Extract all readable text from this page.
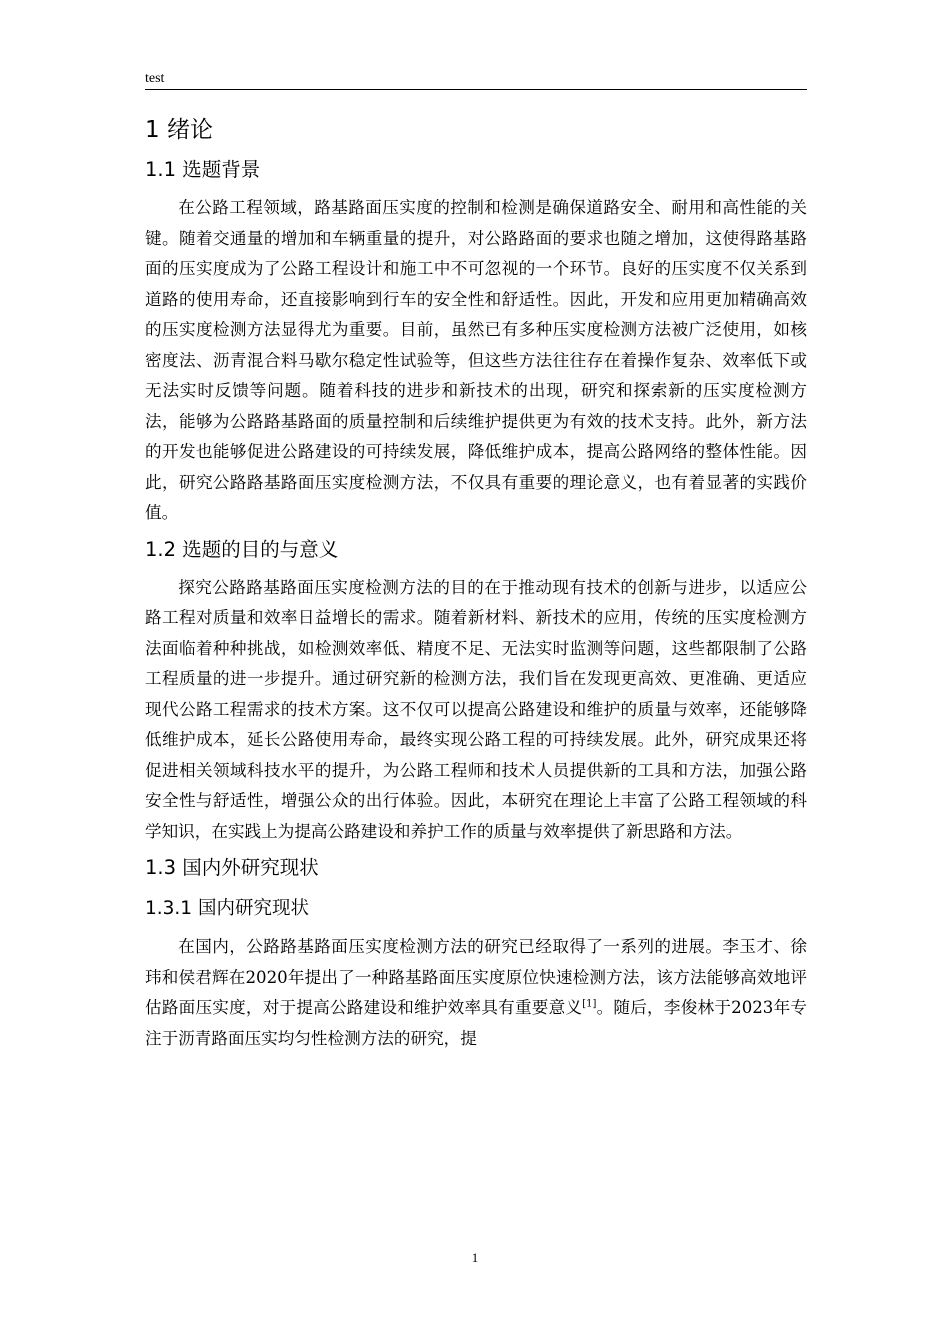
test
1 绪论
1.1 选题背景

在公路工程领域，路基路面压实度的控制和检测是确保道路安全、耐用和高性能的关键。随着交通量的增加和车辆重量的提升，对公路路面的要求也随之增加，这使得路基路面的压实度成为了公路工程设计和施工中不可忽视的一个环节。良好的压实度不仅关系到道路的使用寿命，还直接影响到行车的安全性和舒适性。因此，开发和应用更加精确高效的压实度检测方法显得尤为重要。目前，虽然已有多种压实度检测方法被广泛使用，如核密度法、沥青混合料马歇尔稳定性试验等，但这些方法往往存在着操作复杂、效率低下或无法实时反馈等问题。随着科技的进步和新技术的出现，研究和探索新的压实度检测方法，能够为公路路基路面的质量控制和后续维护提供更为有效的技术支持。此外，新方法的开发也能够促进公路建设的可持续发展，降低维护成本，提高公路网络的整体性能。因此，研究公路路基路面压实度检测方法，不仅具有重要的理论意义，也有着显著的实践价值。

1.2 选题的目的与意义

探究公路路基路面压实度检测方法的目的在于推动现有技术的创新与进步，以适应公路工程对质量和效率日益增长的需求。随着新材料、新技术的应用，传统的压实度检测方法面临着种种挑战，如检测效率低、精度不足、无法实时监测等问题，这些都限制了公路工程质量的进一步提升。通过研究新的检测方法，我们旨在发现更高效、更准确、更适应现代公路工程需求的技术方案。这不仅可以提高公路建设和维护的质量与效率，还能够降低维护成本，延长公路使用寿命，最终实现公路工程的可持续发展。此外，研究成果还将促进相关领域科技水平的提升，为公路工程师和技术人员提供新的工具和方法，加强公路安全性与舒适性，增强公众的出行体验。因此，本研究在理论上丰富了公路工程领域的科学知识，在实践上为提高公路建设和养护工作的质量与效率提供了新思路和方法。

1.3 国内外研究现状
1.3.1 国内研究现状

在国内，公路路基路面压实度检测方法的研究已经取得了一系列的进展。李玉才、徐玮和侯君辉在2020年提出了一种路基路面压实度原位快速检测方法，该方法能够高效地评估路面压实度，对于提高公路建设和维护效率具有重要意义[1]。随后，李俊林于2023年专注于沥青路面压实均匀性检测方法的研究，提

1
